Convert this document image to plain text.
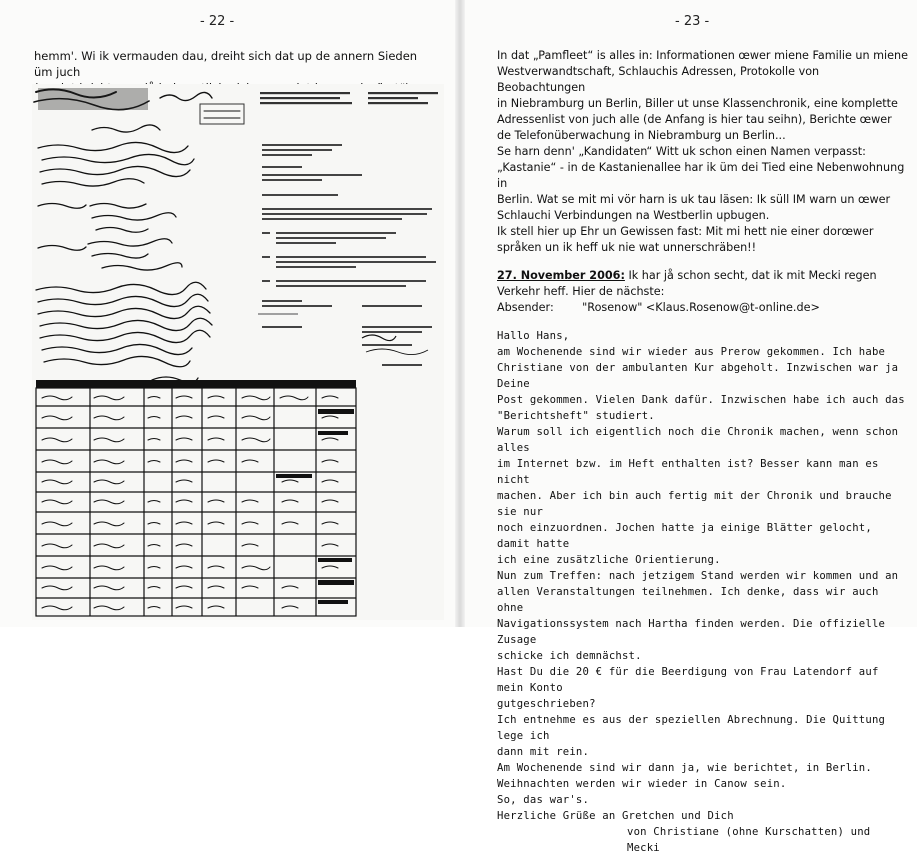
- 22 -
hemm'. Wi ik vermauden dau, dreiht sich dat up de annern Sieden üm juch
- 23 -

In dat „Pamfleet“ is alles in: Informationen œwer miene Familie un miene

Westverwandtschaft, Schlauchis Adressen, Protokolle von Beobachtungen

in Niebramburg un Berlin, Biller ut unse Klassenchronik, eine komplette

Adressenlist von juch alle (de Anfang is hier tau seihn), Berichte œwer

de Telefonüberwachung in Niebramburg un Berlin...

Se harn denn' „Kandidaten“ Witt uk schon einen Namen verpasst:

„Kastanie“ - in de Kastanienallee har ik üm dei Tied eine Nebenwohnung in

Berlin. Wat se mit mi vör harn is uk tau läsen: Ik süll IM warn un œwer

Schlauchi Verbindungen na Westberlin upbugen.

Ik stell hier up Ehr un Gewissen fast: Mit mi hett nie einer dorœwer

språken un ik heff uk nie wat unnerschräben!!

27. November 2006: Ik har jå schon secht, dat ik mit Mecki regen

Verkehr heff. Hier de nächste:

Absender:        "Rosenow" <Klaus.Rosenow@t-online.de>

Hallo Hans,

am Wochenende sind wir wieder aus Prerow gekommen. Ich habe

Christiane von der ambulanten Kur abgeholt. Inzwischen war ja Deine

Post gekommen. Vielen Dank dafür. Inzwischen habe ich auch das

"Berichtsheft" studiert.

Warum soll ich eigentlich noch die Chronik machen, wenn schon alles

im Internet bzw. im Heft enthalten ist? Besser kann man es nicht

machen. Aber ich bin auch fertig mit der Chronik und brauche sie nur

noch einzuordnen. Jochen hatte ja einige Blätter gelocht, damit hatte

ich eine zusätzliche Orientierung.

Nun zum Treffen: nach jetzigem Stand werden wir kommen und an

allen Veranstaltungen teilnehmen. Ich denke, dass wir auch ohne

Navigationssystem nach Hartha finden werden. Die offizielle Zusage

schicke ich demnächst.

Hast Du die 20 € für die Beerdigung von Frau Latendorf auf mein Konto

gutgeschrieben?

Ich entnehme es aus der speziellen Abrechnung. Die Quittung lege ich

dann mit rein.

Am Wochenende sind wir dann ja, wie berichtet, in Berlin.

Weihnachten werden wir wieder in Canow sein.

So, das war's.

Herzliche Grüße an Gretchen und Dich

von Christiane (ohne Kurschatten) und Mecki
